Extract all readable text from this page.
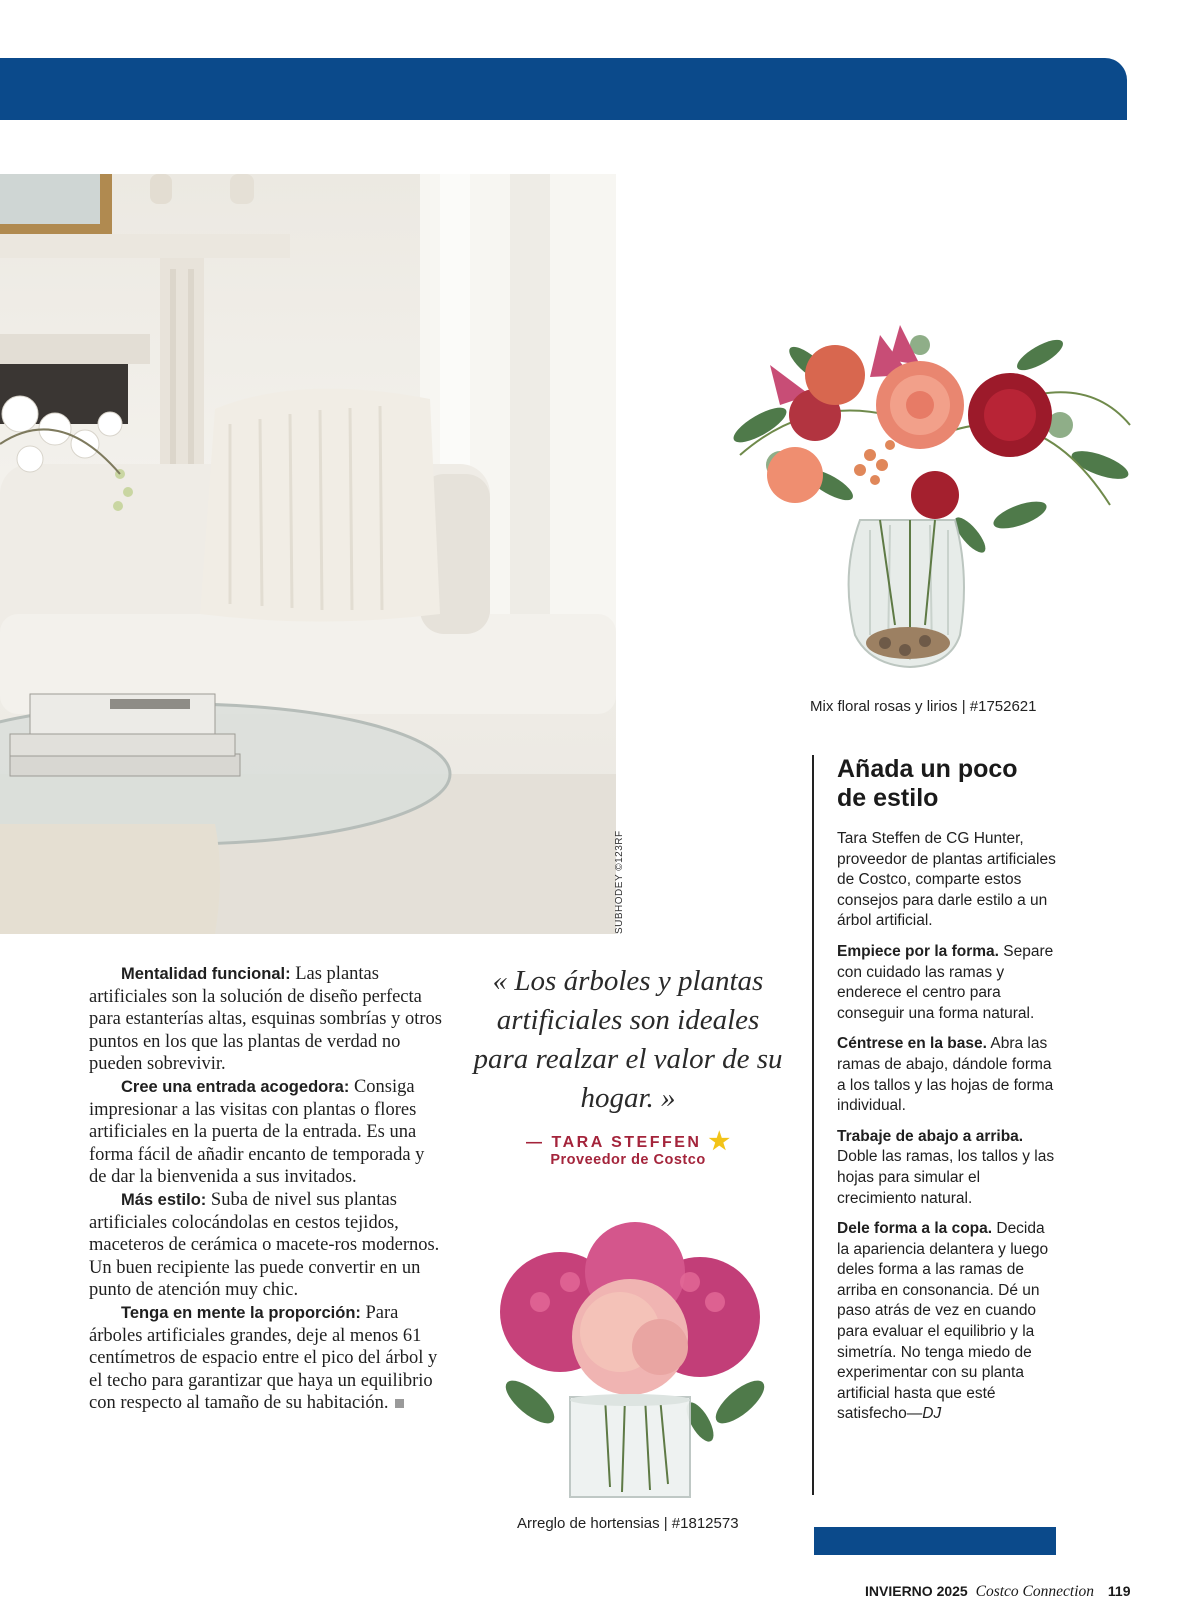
SUBHODEY ©123RF
Mix floral rosas y lirios | #1752621
Añada un poco
de estilo

Tara Steffen de CG Hunter, proveedor de plantas artificiales de Costco, comparte estos consejos para darle estilo a un árbol artificial.

Empiece por la forma. Separe con cuidado las ramas y enderece el centro para conseguir una forma natural.

Céntrese en la base. Abra las ramas de abajo, dándole forma a los tallos y las hojas de forma individual.

Trabaje de abajo a arriba. Doble las ramas, los tallos y las hojas para simular el crecimiento natural.

Dele forma a la copa. Decida la apariencia delantera y luego deles forma a las ramas de arriba en consonancia. Dé un paso atrás de vez en cuando para evaluar el equilibrio y la simetría. No tenga miedo de experimentar con su planta artificial hasta que esté satisfecho—DJ

Mentalidad funcional: Las plantas artificiales son la solución de diseño perfecta para estanterías altas, esquinas sombrías y otros puntos en los que las plantas de verdad no pueden sobrevivir.

Cree una entrada acogedora: Consiga impresionar a las visitas con plantas o flores artificiales en la puerta de la entrada. Es una forma fácil de añadir encanto de temporada y de dar la bienvenida a sus invitados.

Más estilo: Suba de nivel sus plantas artificiales colocándolas en cestos tejidos, maceteros de cerámica o macete-ros modernos. Un buen recipiente las puede convertir en un punto de atención muy chic.

Tenga en mente la proporción: Para árboles artificiales grandes, deje al menos 61 centímetros de espacio entre el pico del árbol y el techo para garantizar que haya un equilibrio con respecto al tamaño de su habitación.

« Los árboles y plantas artificiales son ideales para realzar el valor de su hogar. »
— TARA STEFFEN ★
Proveedor de Costco
Arreglo de hortensias | #1812573
INVIERNO 2025 Costco Connection 119
